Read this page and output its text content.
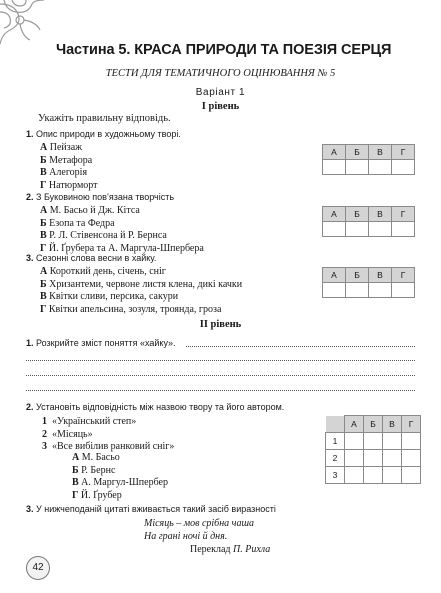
Частина 5. КРАСА ПРИРОДИ ТА ПОЕЗІЯ СЕРЦЯ
ТЕСТИ ДЛЯ ТЕМАТИЧНОГО ОЦІНЮВАННЯ № 5
Варіант 1
I рівень
Укажіть правильну відповідь.
1. Опис природи в художньому творі.
А Пейзаж
Б Метафора
В Алегорія
Г Натюрморт
А	Б	В	Г

2. З Буковиною пов’язана творчість
А М. Басьо й Дж. Кітса
Б Езопа та Федра
В Р. Л. Стівенсона й Р. Бернса
Г Й. Ґрубера та А. Маргула-Шпербера
А	Б	В	Г

3. Сезонні слова весни в хайку.
А Короткий день, січень, сніг
Б Хризантеми, червоне листя клена, дикі качки
В Квітки сливи, персика, сакури
Г Квітки апельсина, зозуля, троянда, гроза
А	Б	В	Г

II рівень
1. Розкрийте зміст поняття «хайку».
2. Установіть відповідність між назвою твору та його автором.
1 «Український степ»
2 «Місяць»
3 «Все вибілив ранковий сніг»
А М. Басьо
Б Р. Бернс
В А. Маргул-Шпербер
Г Й. Ґрубер
	А	Б	В	Г
1				
2				
3				
3. У нижчеподаній цитаті вживається такий засіб виразності
Місяць – мов срібна чаша
На грані ночі й дня.
Переклад П. Рихла
42
